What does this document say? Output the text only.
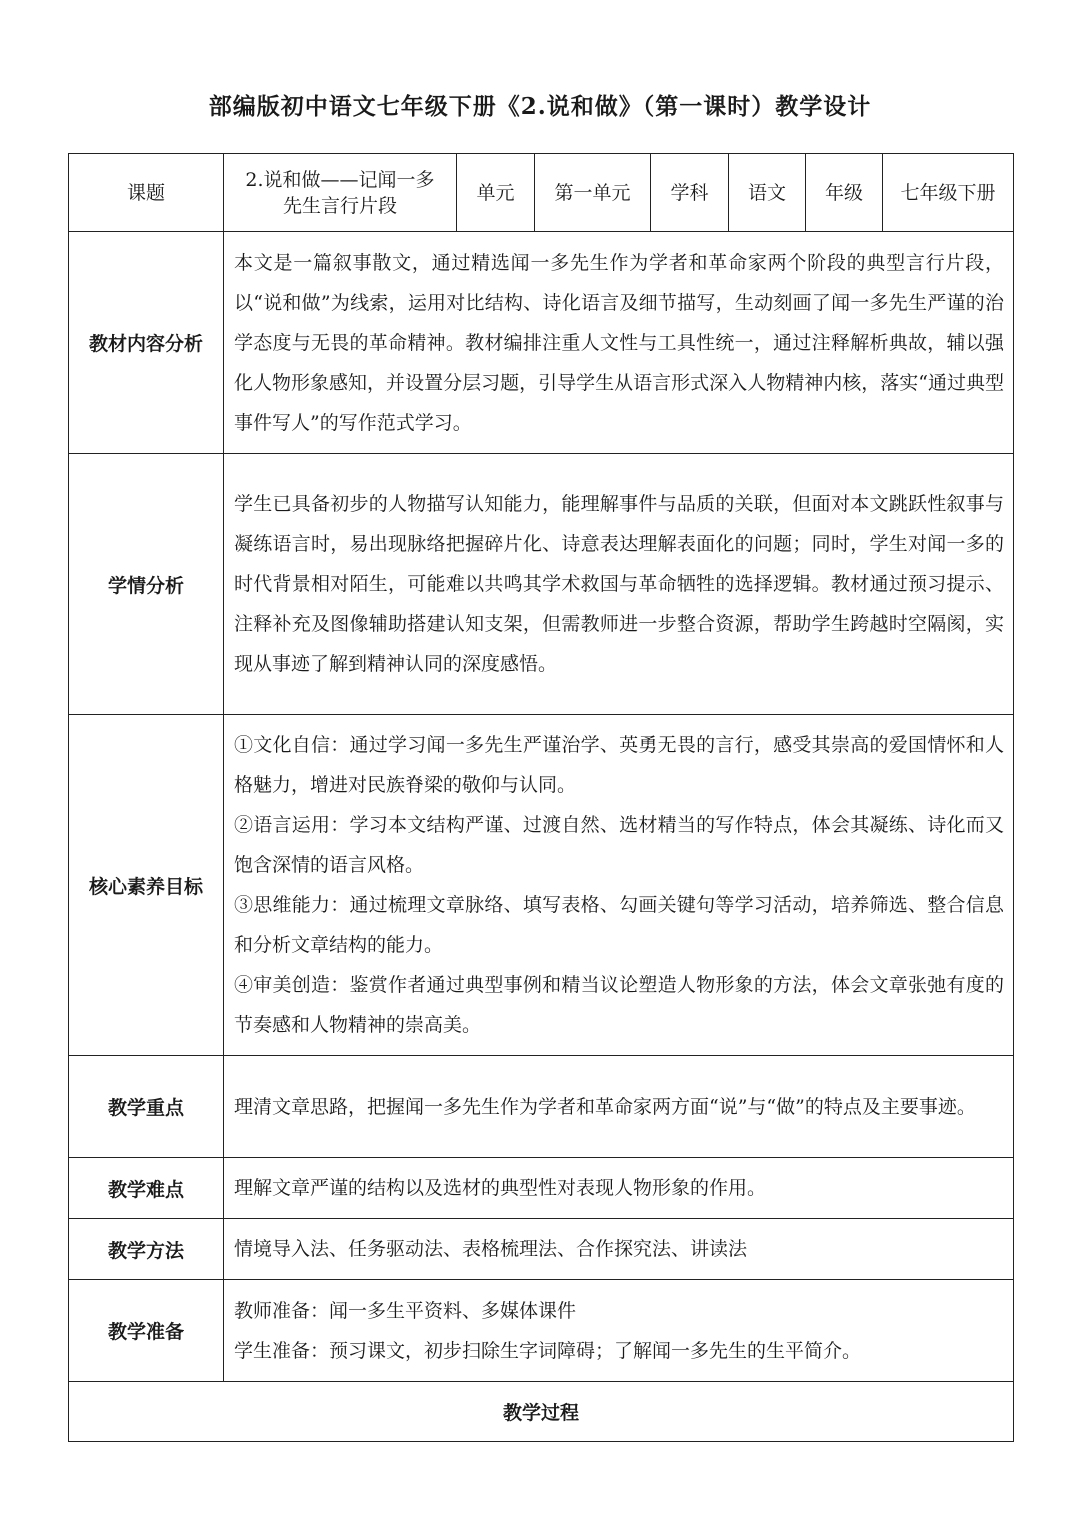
部编版初中语文七年级下册《2.说和做》（第一课时）教学设计
课题	2.说和做——记闻一多先生言行片段	单元	第一单元	学科	语文	年级	七年级下册
教材内容分析	本文是一篇叙事散文，通过精选闻一多先生作为学者和革命家两个阶段的典型言行片段，以“说和做”为线索，运用对比结构、诗化语言及细节描写，生动刻画了闻一多先生严谨的治学态度与无畏的革命精神。教材编排注重人文性与工具性统一，通过注释解析典故，辅以强化人物形象感知，并设置分层习题，引导学生从语言形式深入人物精神内核，落实“通过典型事件写人”的写作范式学习。						
学情分析	学生已具备初步的人物描写认知能力，能理解事件与品质的关联，但面对本文跳跃性叙事与凝练语言时，易出现脉络把握碎片化、诗意表达理解表面化的问题；同时，学生对闻一多的时代背景相对陌生，可能难以共鸣其学术救国与革命牺牲的选择逻辑。教材通过预习提示、注释补充及图像辅助搭建认知支架，但需教师进一步整合资源，帮助学生跨越时空隔阂，实现从事迹了解到精神认同的深度感悟。						
核心素养目标	①文化自信：通过学习闻一多先生严谨治学、英勇无畏的言行，感受其崇高的爱国情怀和人格魅力，增进对民族脊梁的敬仰与认同。

②语言运用：学习本文结构严谨、过渡自然、选材精当的写作特点，体会其凝练、诗化而又饱含深情的语言风格。

③思维能力：通过梳理文章脉络、填写表格、勾画关键句等学习活动，培养筛选、整合信息和分析文章结构的能力。

④审美创造：鉴赏作者通过典型事例和精当议论塑造人物形象的方法，体会文章张弛有度的节奏感和人物精神的崇高美。						

教学重点	理清文章思路，把握闻一多先生作为学者和革命家两方面“说”与“做”的特点及主要事迹。						
教学难点	理解文章严谨的结构以及选材的典型性对表现人物形象的作用。						
教学方法	情境导入法、任务驱动法、表格梳理法、合作探究法、讲读法						
教学准备	教师准备：闻一多生平资料、多媒体课件

学生准备：预习课文，初步扫除生字词障碍；了解闻一多先生的生平简介。						

教学过程							
